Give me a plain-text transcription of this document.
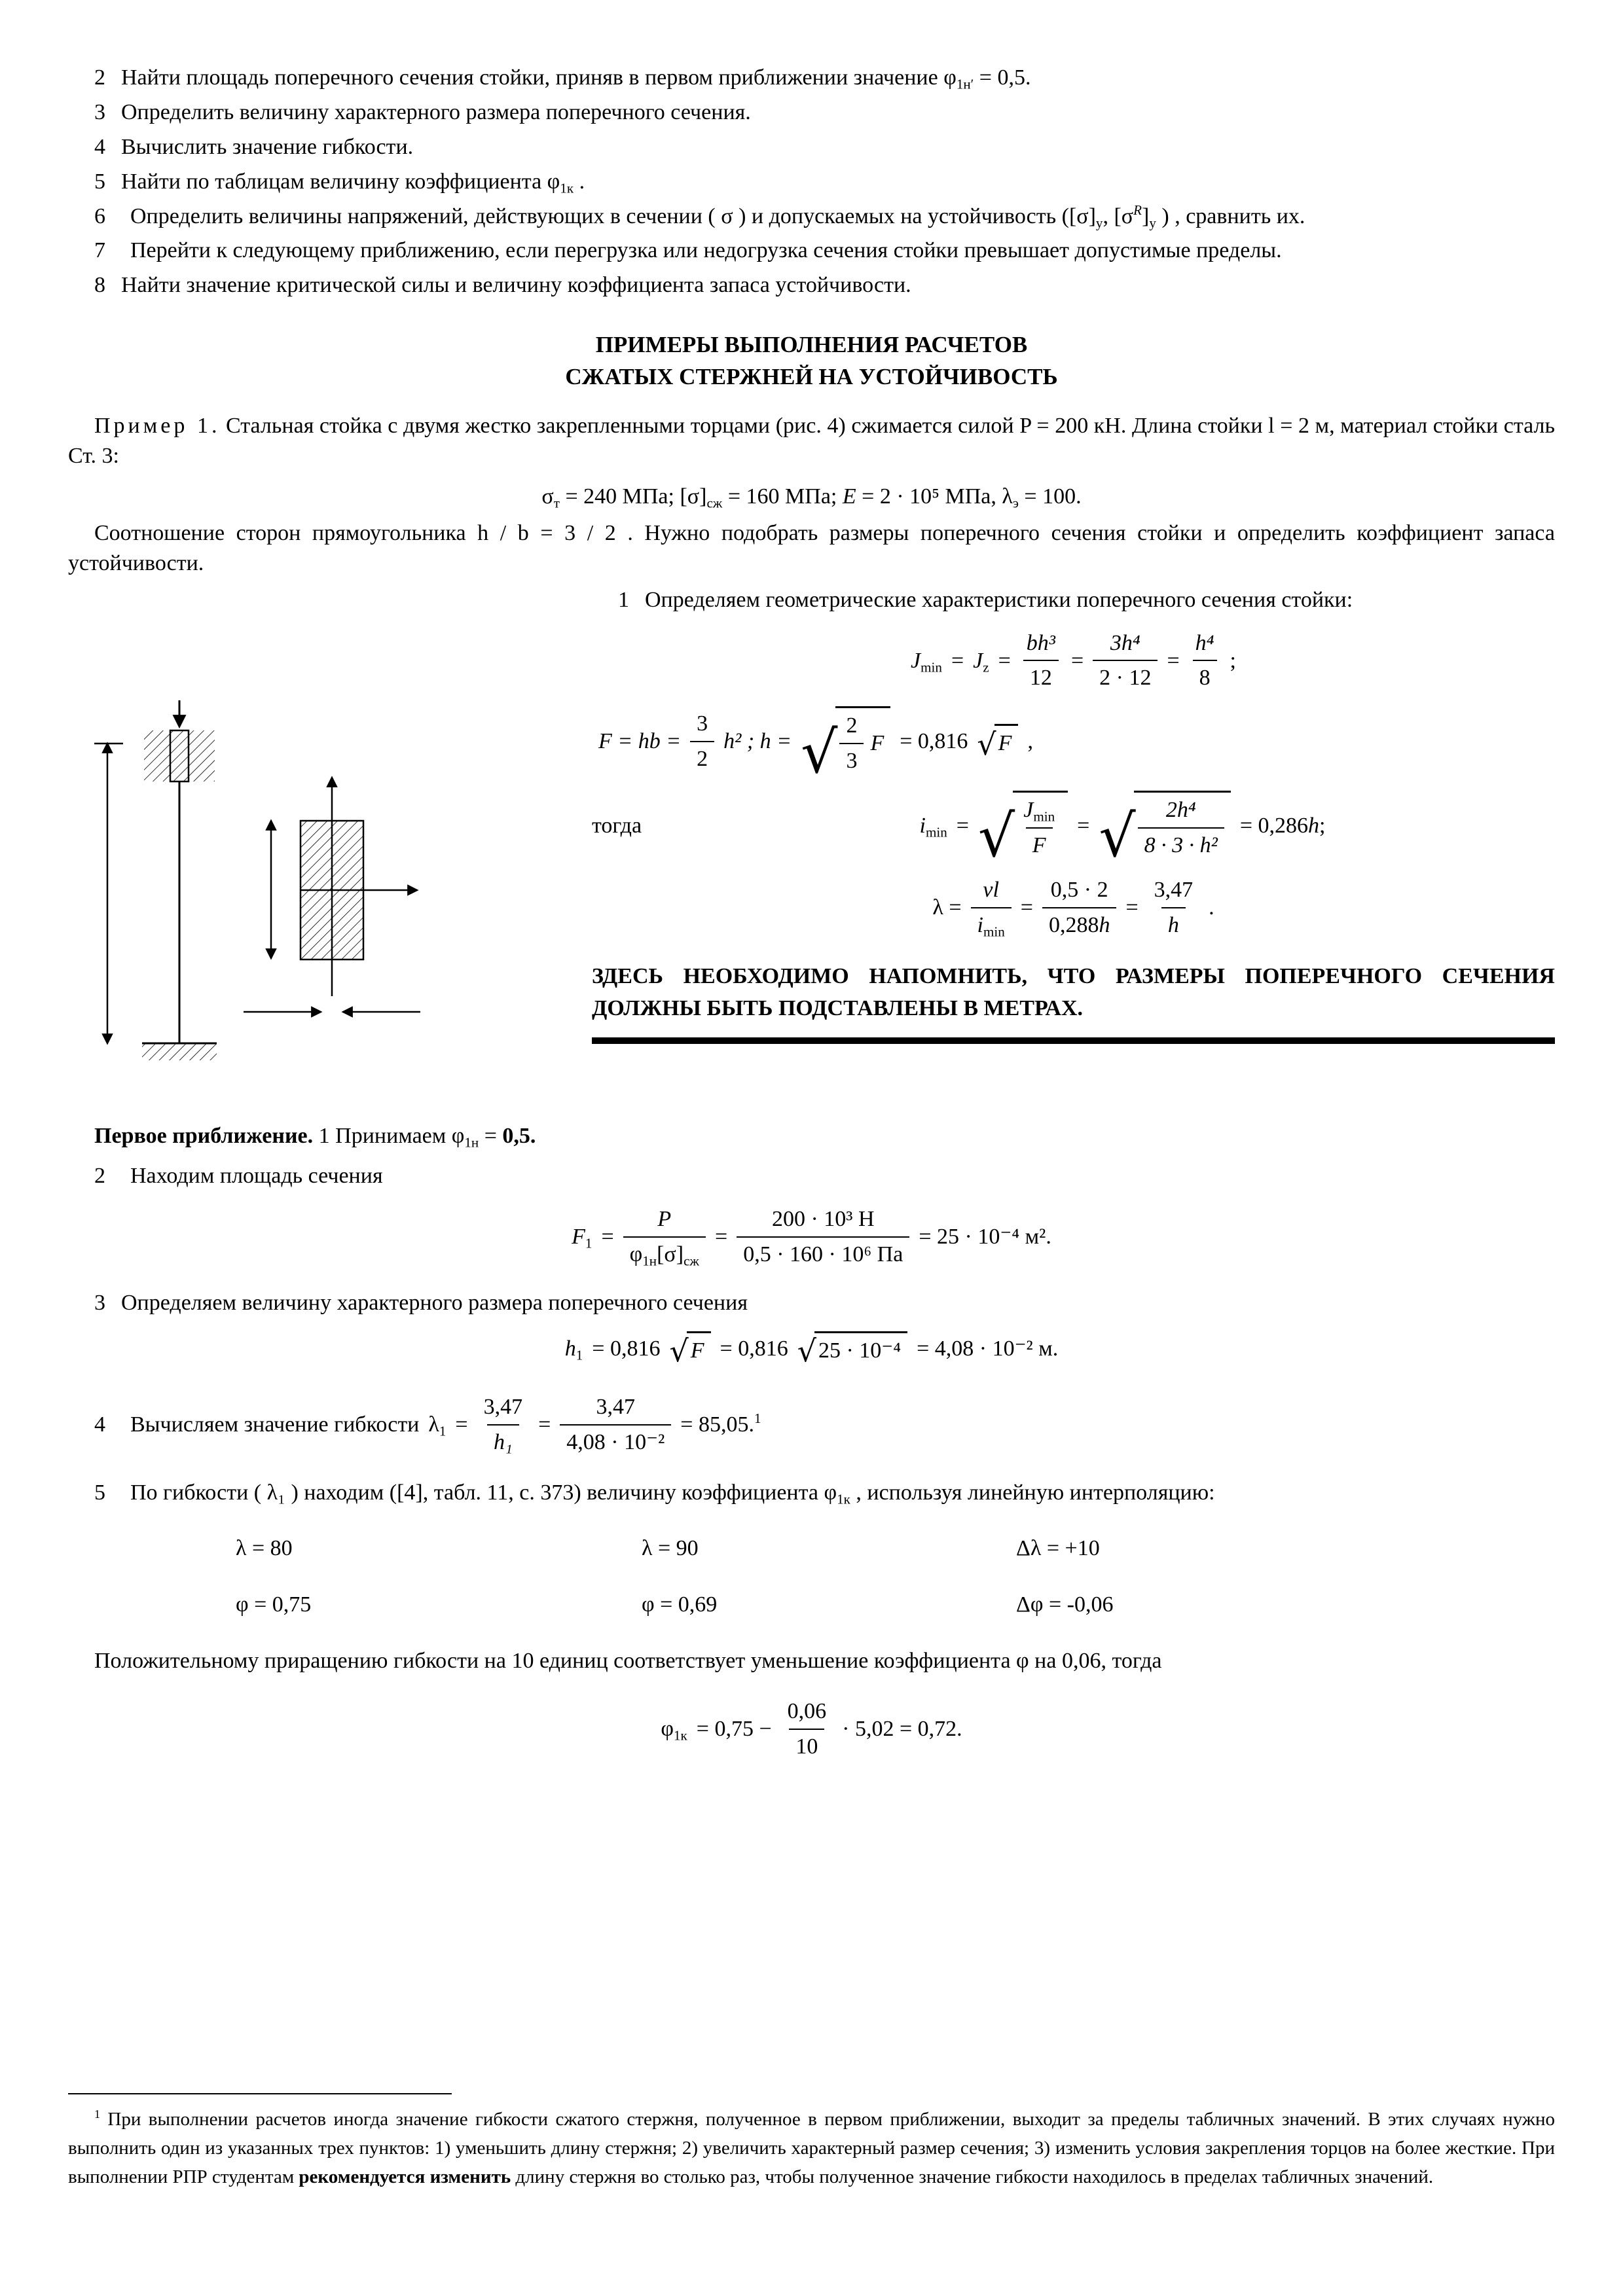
2 Найти площадь поперечного сечения стойки, приняв в первом приближении значение $\varphi_{1н'} = 0,5$.

3 Определить величину характерного размера поперечного сечения.

4 Вычислить значение гибкости.

5 Найти по таблицам величину коэффициента $\varphi_{1к}$ .

6 Определить величины напряжений, действующих в сечении ( σ ) и допускаемых на устойчивость ($[\sigma]_у$, $[\sigma^R]_у$ ) , сравнить их.

7 Перейти к следующему приближению, если перегрузка или недогрузка сечения стойки превышает допустимые пределы.

8 Найти значение критической силы и величину коэффициента запаса устойчивости.

ПРИМЕРЫ ВЫПОЛНЕНИЯ РАСЧЕТОВ
СЖАТЫХ СТЕРЖНЕЙ НА УСТОЙЧИВОСТЬ

Пример 1. Стальная стойка с двумя жестко закрепленными торцами (рис. 4) сжимается силой P = 200 кН. Длина стойки l = 2 м, материал стойки сталь Ст. 3:

$\sigma_т = 240$ МПа; $[\sigma]_{сж} = 160$ МПа; E = 2 · 10⁵ МПа, $\lambda_э = 100$.

Соотношение сторон прямоугольника h / b = 3 / 2 . Нужно подобрать размеры поперечного сечения стойки и определить коэффициент запаса устойчивости.

1 Определяем геометрические характеристики поперечного сечения стойки:

$J_{min} = J_z = \frac{\text{bh³}}{12} = \frac{\text{3h⁴}}{2 \cdot 12} = \frac{\text{h⁴}}{8}$ ;
F = hb = $\frac{3}{2} h^2$ ; h = √ $\frac{2}{3}$ F = 0,816 √ F ,
тогда	$i_{min}$ = √ $J_{min}$
F
= √ $\frac{\text{2h⁴}}{\text{8 · 3 · h²}} = 0,286h$;
λ =
νl
$i_{min}$
= $\frac{0,5 \cdot 2}{0,288h} = \frac{3,47}{h}$ .

ЗДЕСЬ НЕОБХОДИМО НАПОМНИТЬ, ЧТО РАЗМЕРЫ ПОПЕРЕЧНОГО СЕЧЕНИЯ ДОЛЖНЫ БЫТЬ ПОДСТАВЛЕНЫ В МЕТРАХ.

Первое приближение. 1 Принимаем $\varphi_{1н} = 0,5$.

2 Находим площадь сечения

$F_1$ =
P
$\varphi_{1н}[\sigma]_{сж}$
=
200 · 10³ Н
0,5 · 160 · 10⁶ Па
= 25 · 10⁻⁴ м².

3 Определяем величину характерного размера поперечного сечения

$h_1 = 0,816$ √ F = 0,816 √ 25 · 10⁻⁴ = 4,08 · 10⁻² м.
4 Вычисляем значение гибкости $\lambda_1 = \frac{3,47}{\text{h₁}} = \frac{3,47}{\text{4,08 · 10⁻²}} = 85,05.^1$

5 По гибкости ( λ₁ ) находим ([4], табл. 11, с. 373) величину коэффициента $\varphi_{1к}$ , используя линейную интерполяцию:

λ = 80	λ = 90	Δλ = +10
φ = 0,75	φ = 0,69	Δφ = -0,06

Положительному приращению гибкости на 10 единиц соответствует уменьшение коэффициента φ на 0,06, тогда

$\varphi_{1к} = 0,75 - \frac{0,06}{10} \cdot 5,02 = 0,72$.

$^1$ При выполнении расчетов иногда значение гибкости сжатого стержня, полученное в первом приближении, выходит за пределы табличных значений. В этих случаях нужно выполнить один из указанных трех пунктов: 1) уменьшить длину стержня; 2) увеличить характерный размер сечения; 3) изменить условия закрепления торцов на более жесткие. При выполнении РПР студентам рекомендуется изменить длину стержня во столько раз, чтобы полученное значение гибкости находилось в пределах табличных значений.
